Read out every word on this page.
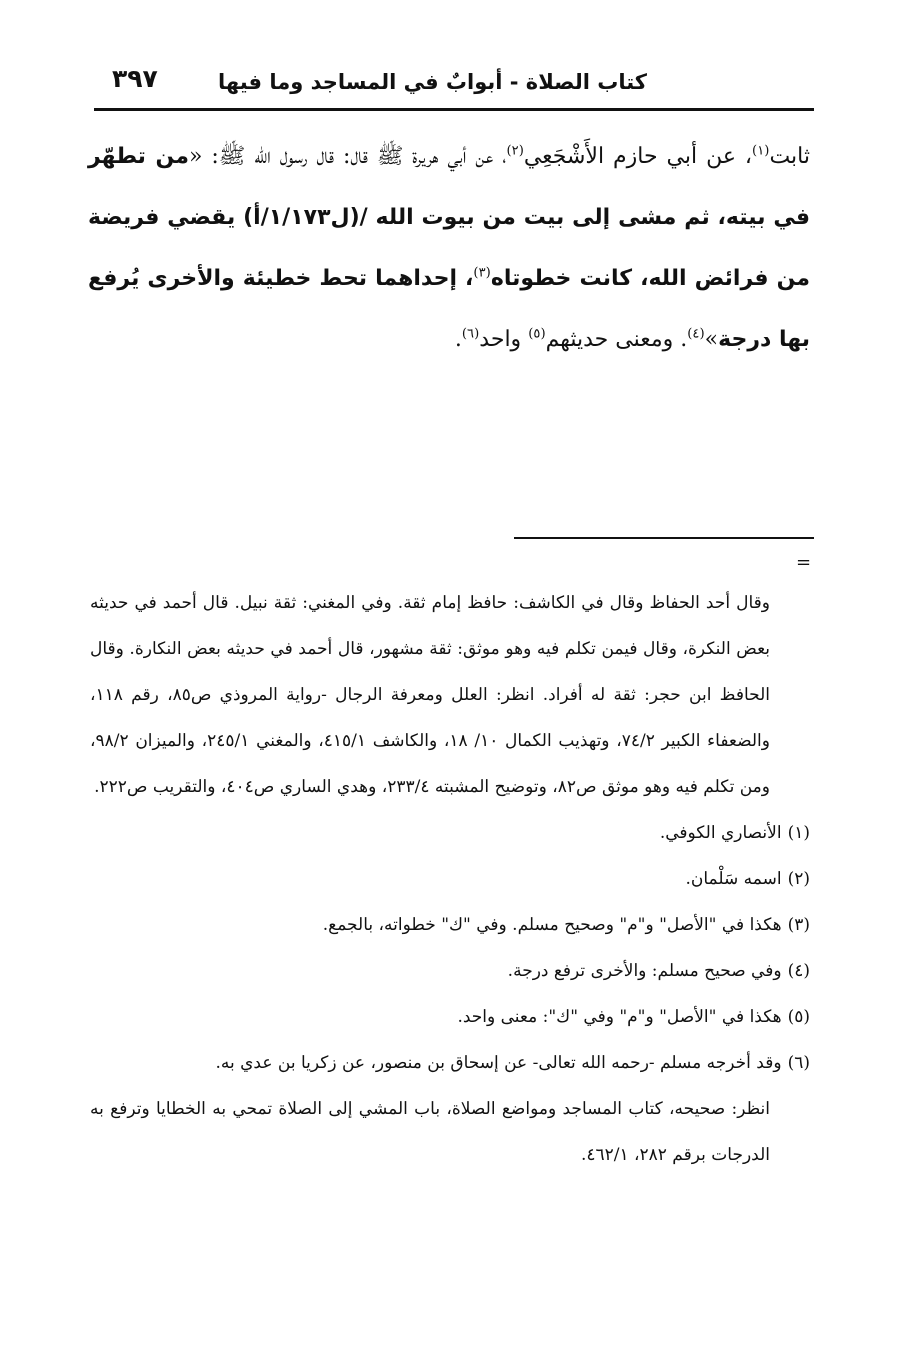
كتاب الصلاة - أبوابٌ في المساجد وما فيها
٣٩٧
ثابت$^{(١)}$، عن أبي حازم الأَشْجَعِي$^{(٢)}$، عن أبي هريرة ﷺ قال: قال رسول الله ﷺ: «من تطهّر في بيته، ثم مشى إلى بيت من بيوت الله /(ل١/١٧٣/أ) يقضي فريضة من فرائض الله، كانت خطوتاه$^{(٣)}$، إحداهما تحط خطيئة والأخرى يُرفع بها درجة»$^{(٤)}$. ومعنى حديثهم$^{(٥)}$ واحد$^{(٦)}$.
=
وقال أحد الحفاظ وقال في الكاشف: حافظ إمام ثقة. وفي المغني: ثقة نبيل. قال أحمد في حديثه بعض النكرة، وقال فيمن تكلم فيه وهو موثق: ثقة مشهور، قال أحمد في حديثه بعض النكارة. وقال الحافظ ابن حجر: ثقة له أفراد. انظر: العلل ومعرفة الرجال -رواية المروذي ص٨٥، رقم ١١٨، والضعفاء الكبير ٧٤/٢، وتهذيب الكمال ١٠/ ١٨، والكاشف ٤١٥/١، والمغني ٢٤٥/١، والميزان ٩٨/٢، ومن تكلم فيه وهو موثق ص٨٢، وتوضيح المشبته ٢٣٣/٤، وهدي الساري ص٤٠٤، والتقريب ص٢٢٢.
(١)الأنصاري الكوفي.
(٢)اسمه سَلْمان.
(٣)هكذا في "الأصل" و"م" وصحيح مسلم. وفي "ك" خطواته، بالجمع.
(٤)وفي صحيح مسلم: والأخرى ترفع درجة.
(٥)هكذا في "الأصل" و"م" وفي "ك": معنى واحد.
(٦)وقد أخرجه مسلم -رحمه الله تعالى- عن إسحاق بن منصور، عن زكريا بن عدي به.
انظر: صحيحه، كتاب المساجد ومواضع الصلاة، باب المشي إلى الصلاة تمحي به الخطايا وترفع به الدرجات برقم ٢٨٢، ٤٦٢/١.
